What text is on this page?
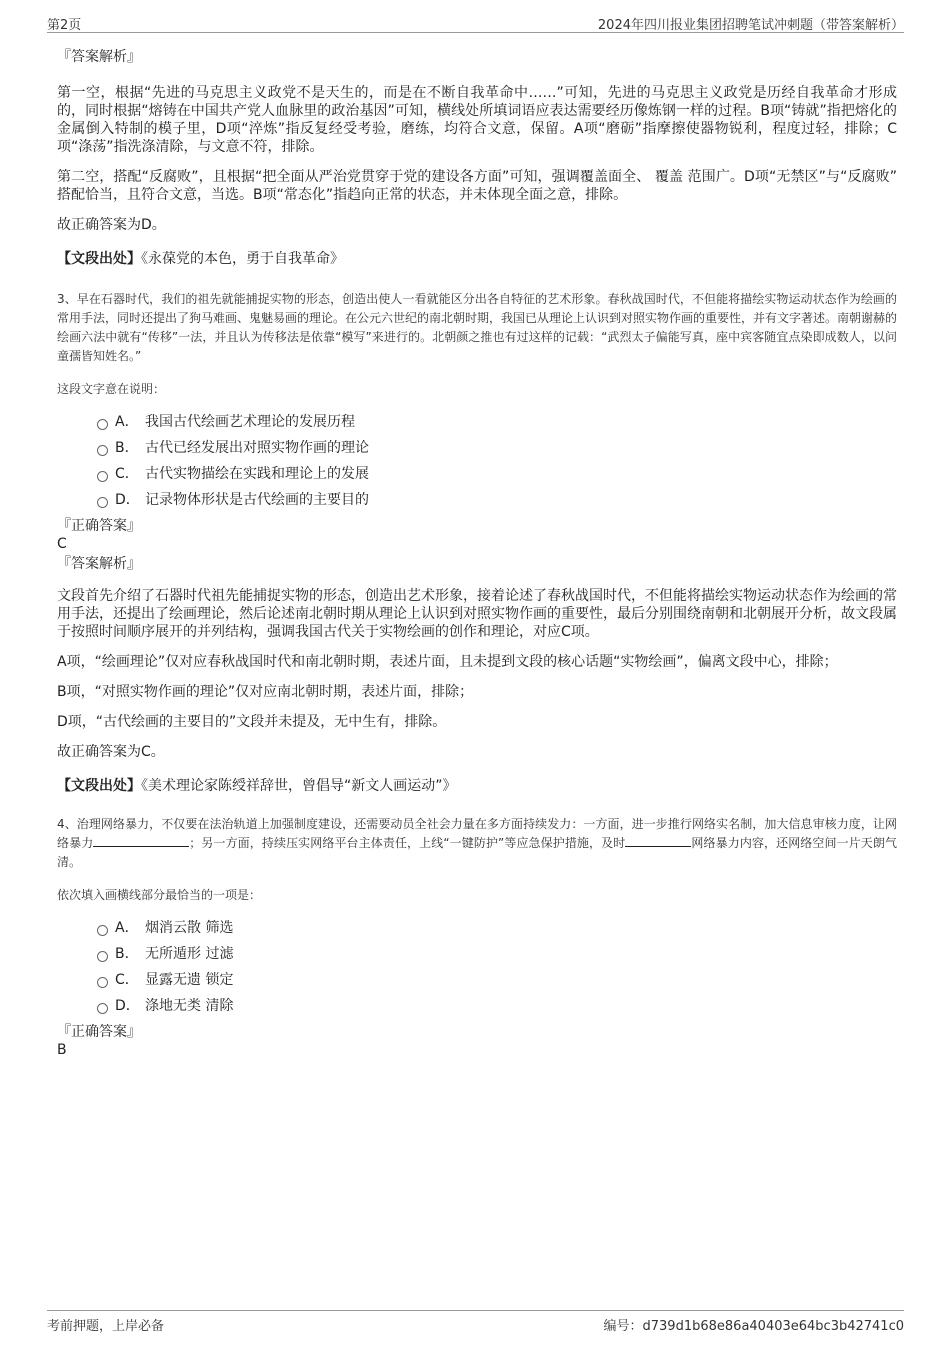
第2页	2024年四川报业集团招聘笔试冲刺题（带答案解析）

『答案解析』

第一空，根据“先进的马克思主义政党不是天生的，而是在不断自我革命中……”可知，先进的马克思主义政党是历经自我革命才形成的，同时根据“熔铸在中国共产党人血脉里的政治基因”可知，横线处所填词语应表达需要经历像炼钢一样的过程。B项“铸就”指把熔化的金属倒入特制的模子里，D项“淬炼”指反复经受考验，磨练，均符合文意，保留。A项“磨砺”指摩擦使器物锐利，程度过轻，排除；C项“涤荡”指洗涤清除，与文意不符，排除。

第二空，搭配“反腐败”，且根据“把全面从严治党贯穿于党的建设各方面”可知，强调覆盖面全、 覆盖 范围广。D项“无禁区”与“反腐败” 搭配恰当，且符合文意，当选。B项“常态化”指趋向正常的状态，并未体现全面之意，排除。

故正确答案为D。

【文段出处】《永葆党的本色，勇于自我革命》

3、早在石器时代，我们的祖先就能捕捉实物的形态，创造出使人一看就能区分出各自特征的艺术形象。春秋战国时代，不但能将描绘实物运动状态作为绘画的常用手法，同时还提出了狗马难画、鬼魅易画的理论。在公元六世纪的南北朝时期，我国已从理论上认识到对照实物作画的重要性，并有文字著述。南朝谢赫的绘画六法中就有“传移”一法，并且认为传移法是依靠“模写”来进行的。北朝颜之推也有过这样的记载：“武烈太子偏能写真，座中宾客随宜点染即成数人，以问童孺皆知姓名。”

这段文字意在说明：

A． 我国古代绘画艺术理论的发展历程
B． 古代已经发展出对照实物作画的理论
C． 古代实物描绘在实践和理论上的发展
D． 记录物体形状是古代绘画的主要目的

『正确答案』

C

『答案解析』

文段首先介绍了石器时代祖先能捕捉实物的形态，创造出艺术形象，接着论述了春秋战国时代，不但能将描绘实物运动状态作为绘画的常用手法，还提出了绘画理论，然后论述南北朝时期从理论上认识到对照实物作画的重要性，最后分别围绕南朝和北朝展开分析，故文段属于按照时间顺序展开的并列结构，强调我国古代关于实物绘画的创作和理论，对应C项。

A项，“绘画理论”仅对应春秋战国时代和南北朝时期，表述片面，且未提到文段的核心话题“实物绘画”，偏离文段中心，排除；

B项，“对照实物作画的理论”仅对应南北朝时期，表述片面，排除；

D项，“古代绘画的主要目的”文段并未提及，无中生有，排除。

故正确答案为C。

【文段出处】《美术理论家陈绶祥辞世，曾倡导“新文人画运动”》

4、治理网络暴力，不仅要在法治轨道上加强制度建设，还需要动员全社会力量在多方面持续发力：一方面，进一步推行网络实名制，加大信息审核力度，让网络暴力	；另一方面，持续压实网络平台主体责任，上线“一键防护”等应急保护措施，及时	网络暴力内容，还网络空间一片天朗气清。

依次填入画横线部分最恰当的一项是：

A． 烟消云散 筛选
B． 无所遁形 过滤
C． 显露无遗 锁定
D． 涤地无类 清除

『正确答案』

B

考前押题，上岸必备	编号：d739d1b68e86a40403e64bc3b42741c0
